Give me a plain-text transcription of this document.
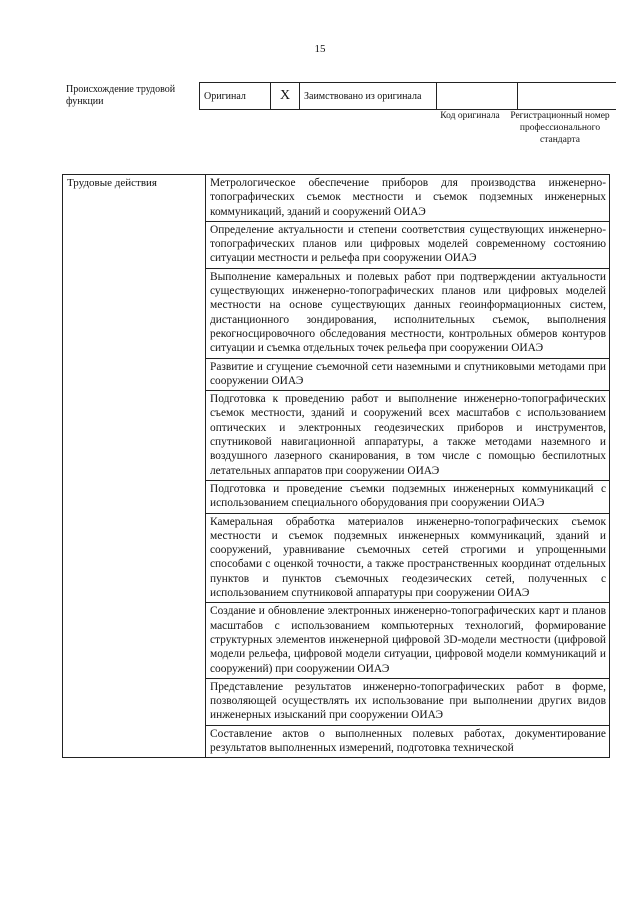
15
Происхождение трудовой функции	Оригинал	X	Заимствовано из оригинала		
Код оригинала	Регистрационный номер профессионального стандарта
Трудовые действия	Метрологическое обеспечение приборов для производства инженерно-топографических съемок местности и съемок подземных инженерных коммуникаций, зданий и сооружений ОИАЭ
Определение актуальности и степени соответствия существующих инженерно-топографических планов или цифровых моделей современному состоянию ситуации местности и рельефа при сооружении ОИАЭ
Выполнение камеральных и полевых работ при подтверждении актуальности существующих инженерно-топографических планов или цифровых моделей местности на основе существующих данных геоинформационных систем, дистанционного зондирования, исполнительных съемок, выполнения рекогносцировочного обследования местности, контрольных обмеров контуров ситуации и съемка отдельных точек рельефа при сооружении ОИАЭ
Развитие и сгущение съемочной сети наземными и спутниковыми методами при сооружении ОИАЭ
Подготовка к проведению работ и выполнение инженерно-топографических съемок местности, зданий и сооружений всех масштабов с использованием оптических и электронных геодезических приборов и инструментов, спутниковой навигационной аппаратуры, а также методами наземного и воздушного лазерного сканирования, в том числе с помощью беспилотных летательных аппаратов при сооружении ОИАЭ
Подготовка и проведение съемки подземных инженерных коммуникаций с использованием специального оборудования при сооружении ОИАЭ
Камеральная обработка материалов инженерно-топографических съемок местности и съемок подземных инженерных коммуникаций, зданий и сооружений, уравнивание съемочных сетей строгими и упрощенными способами с оценкой точности, а также пространственных координат отдельных пунктов и пунктов съемочных геодезических сетей, полученных с использованием спутниковой аппаратуры при сооружении ОИАЭ
Создание и обновление электронных инженерно-топографических карт и планов масштабов с использованием компьютерных технологий, формирование структурных элементов инженерной цифровой 3D-модели местности (цифровой модели рельефа, цифровой модели ситуации, цифровой модели коммуникаций и сооружений) при сооружении ОИАЭ
Представление результатов инженерно-топографических работ в форме, позволяющей осуществлять их использование при выполнении других видов инженерных изысканий при сооружении ОИАЭ
Составление актов о выполненных полевых работах, документирование результатов выполненных измерений, подготовка технической
